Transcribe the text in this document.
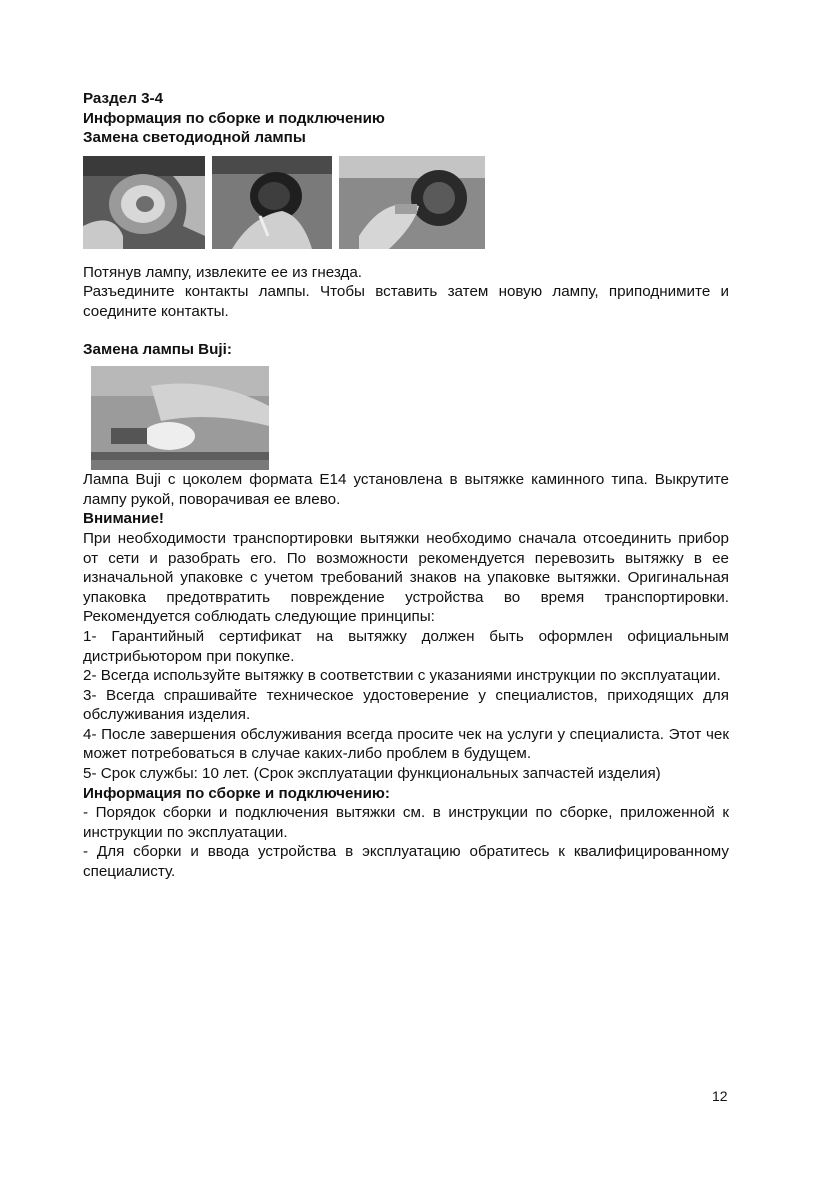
Раздел 3-4

Информация по сборке и подключению

Замена светодиодной лампы

Потянув лампу, извлеките ее из гнезда.

Разъедините контакты лампы. Чтобы вставить затем новую лампу, приподнимите и соедините контакты.

Замена лампы Buji:

Лампа Buji с цоколем формата Е14 установлена в вытяжке каминного типа. Выкрутите лампу рукой, поворачивая ее влево.

Внимание!

При необходимости транспортировки вытяжки необходимо сначала отсоединить прибор от сети и разобрать его. По возможности рекомендуется перевозить вытяжку в ее изначальной упаковке с учетом требований знаков на упаковке вытяжки. Оригинальная упаковка предотвратить повреждение устройства во время транспортировки. Рекомендуется соблюдать следующие принципы:

1- Гарантийный сертификат на вытяжку должен быть оформлен официальным дистрибьютором при покупке.

2- Всегда используйте вытяжку в соответствии с указаниями инструкции по эксплуатации.

3- Всегда спрашивайте техническое удостоверение у специалистов, приходящих для обслуживания изделия.

4- После завершения обслуживания всегда просите чек на услуги у специалиста. Этот чек может потребоваться в случае каких-либо проблем в будущем.

5- Срок службы: 10 лет. (Срок эксплуатации функциональных запчастей изделия)

Информация по сборке и подключению:

- Порядок сборки и подключения вытяжки см. в инструкции по сборке, приложенной к инструкции по эксплуатации.

- Для сборки и ввода устройства в эксплуатацию обратитесь к квалифицированному специалисту.

12
